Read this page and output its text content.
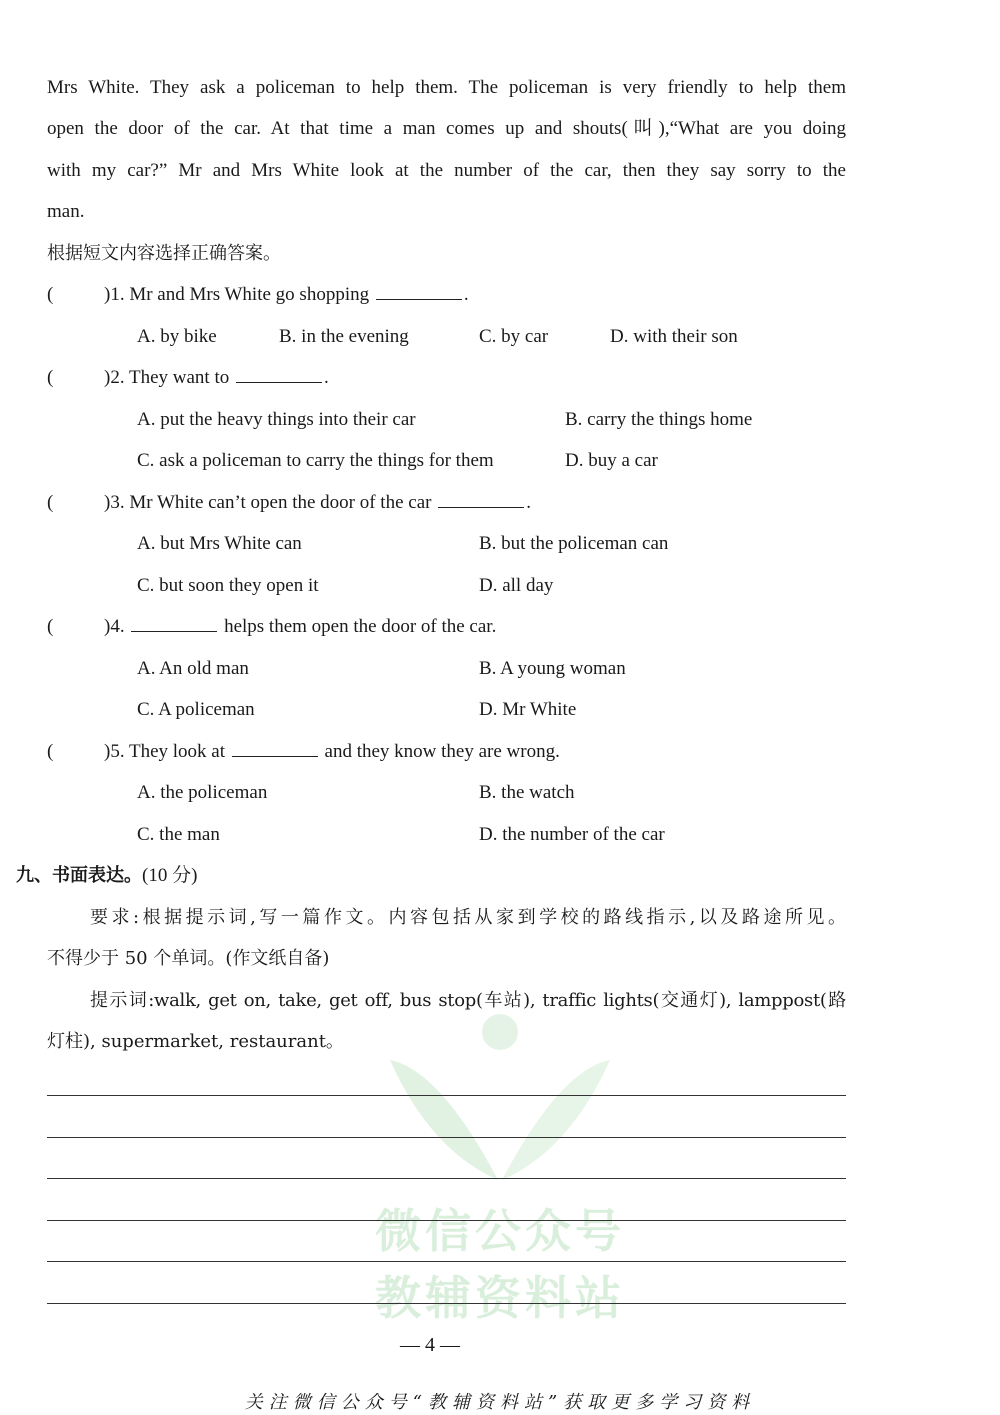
微信公众号
教辅资料站
Mrs White. They ask a policeman to help them. The policeman is very friendly to help them
open the door of the car. At that time a man comes up and shouts(叫),“What are you doing
with my car?” Mr and Mrs White look at the number of the car, then they say sorry to the
man.
根据短文内容选择正确答案。
(	)1. Mr and Mrs White go shopping	.
A. by bike	B. in the evening	C. by car	D. with their son
(	)2. They want to	.
A. put the heavy things into their car	B. carry the things home
C. ask a policeman to carry the things for them	D. buy a car
(	)3. Mr White can’t open the door of the car	.
A. but Mrs White can	B. but the policeman can
C. but soon they open it	D. all day
(	)4.	helps them open the door of the car.
A. An old man	B. A young woman
C. A policeman	D. Mr White
(	)5. They look at	and they know they are wrong.
A. the policeman	B. the watch
C. the man	D. the number of the car
九、书面表达。(10 分)
要求:根据提示词,写一篇作文。内容包括从家到学校的路线指示,以及路途所见。
不得少于 50 个单词。(作文纸自备)
提示词:walk, get on, take, get off, bus stop(车站), traffic lights(交通灯), lamppost(路
灯柱), supermarket, restaurant。
— 4 —
关注微信公众号“教辅资料站”获取更多学习资料
